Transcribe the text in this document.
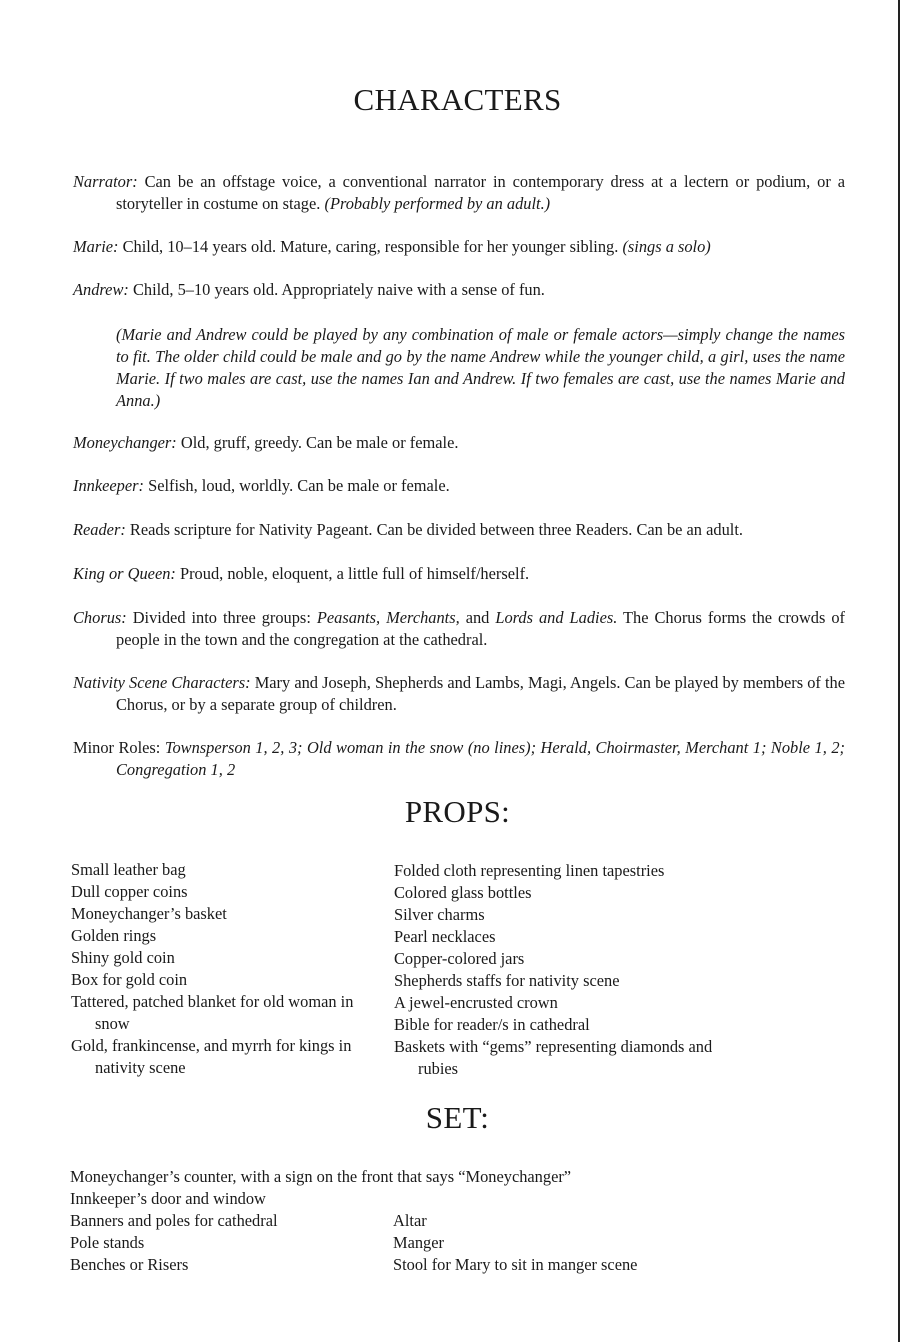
CHARACTERS

Narrator: Can be an offstage voice, a conventional narrator in contemporary dress at a lectern or podium, or a storyteller in costume on stage. (Probably performed by an adult.)

Marie: Child, 10–14 years old. Mature, caring, responsible for her younger sibling. (sings a solo)

Andrew: Child, 5–10 years old. Appropriately naive with a sense of fun.

(Marie and Andrew could be played by any combination of male or female actors—simply change the names to fit. The older child could be male and go by the name Andrew while the younger child, a girl, uses the name Marie. If two males are cast, use the names Ian and Andrew. If two females are cast, use the names Marie and Anna.)

Moneychanger: Old, gruff, greedy. Can be male or female.

Innkeeper: Selfish, loud, worldly. Can be male or female.

Reader: Reads scripture for Nativity Pageant. Can be divided between three Readers. Can be an adult.

King or Queen: Proud, noble, eloquent, a little full of himself/herself.

Chorus: Divided into three groups: Peasants, Merchants, and Lords and Ladies. The Chorus forms the crowds of people in the town and the congregation at the cathedral.

Nativity Scene Characters: Mary and Joseph, Shepherds and Lambs, Magi, Angels. Can be played by members of the Chorus, or by a separate group of children.

Minor Roles: Townsperson 1, 2, 3; Old woman in the snow (no lines); Herald, Choirmaster, Merchant 1; Noble 1, 2; Congregation 1, 2

PROPS:
Small leather bag
Dull copper coins
Moneychanger’s basket
Golden rings
Shiny gold coin
Box for gold coin
Tattered, patched blanket for old woman in snow
Gold, frankincense, and myrrh for kings in nativity scene
Folded cloth representing linen tapestries
Colored glass bottles
Silver charms
Pearl necklaces
Copper-colored jars
Shepherds staffs for nativity scene
A jewel-encrusted crown
Bible for reader/s in cathedral
Baskets with “gems” representing diamonds and rubies
SET:
Moneychanger’s counter, with a sign on the front that says “Moneychanger”
Innkeeper’s door and window
Banners and poles for cathedral
Pole stands
Benches or Risers
Altar
Manger
Stool for Mary to sit in manger scene
